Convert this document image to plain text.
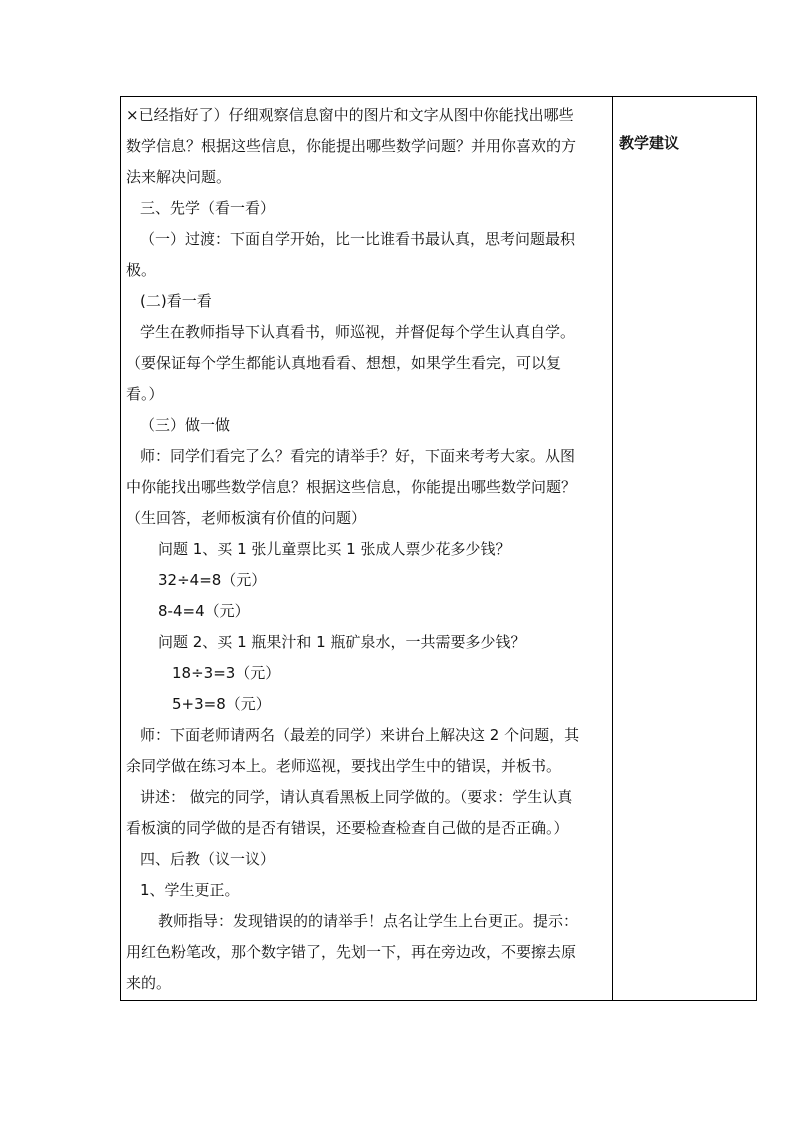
×已经指好了）仔细观察信息窗中的图片和文字从图中你能找出哪些

数学信息？根据这些信息，你能提出哪些数学问题？并用你喜欢的方

法来解决问题。

三、先学（看一看）

（一）过渡：下面自学开始，比一比谁看书最认真，思考问题最积

极。

(二)看一看

学生在教师指导下认真看书，师巡视，并督促每个学生认真自学。

（要保证每个学生都能认真地看看、想想，如果学生看完，可以复

看。）

（三）做一做

师：同学们看完了么？看完的请举手？好，下面来考考大家。从图

中你能找出哪些数学信息？根据这些信息，你能提出哪些数学问题？

（生回答，老师板演有价值的问题）

问题 1、买 1 张儿童票比买 1 张成人票少花多少钱？

32÷4=8（元）

8-4=4（元）

问题 2、买 1 瓶果汁和 1 瓶矿泉水，一共需要多少钱？

18÷3=3（元）

5+3=8（元）

师：下面老师请两名（最差的同学）来讲台上解决这 2 个问题，其

余同学做在练习本上。老师巡视，要找出学生中的错误，并板书。

讲述： 做完的同学，请认真看黑板上同学做的。（要求：学生认真

看板演的同学做的是否有错误，还要检查检查自己做的是否正确。）

四、后教（议一议）

1、学生更正。

教师指导：发现错误的的请举手！点名让学生上台更正。提示：

用红色粉笔改，那个数字错了，先划一下，再在旁边改，不要擦去原

来的。

教学建议
